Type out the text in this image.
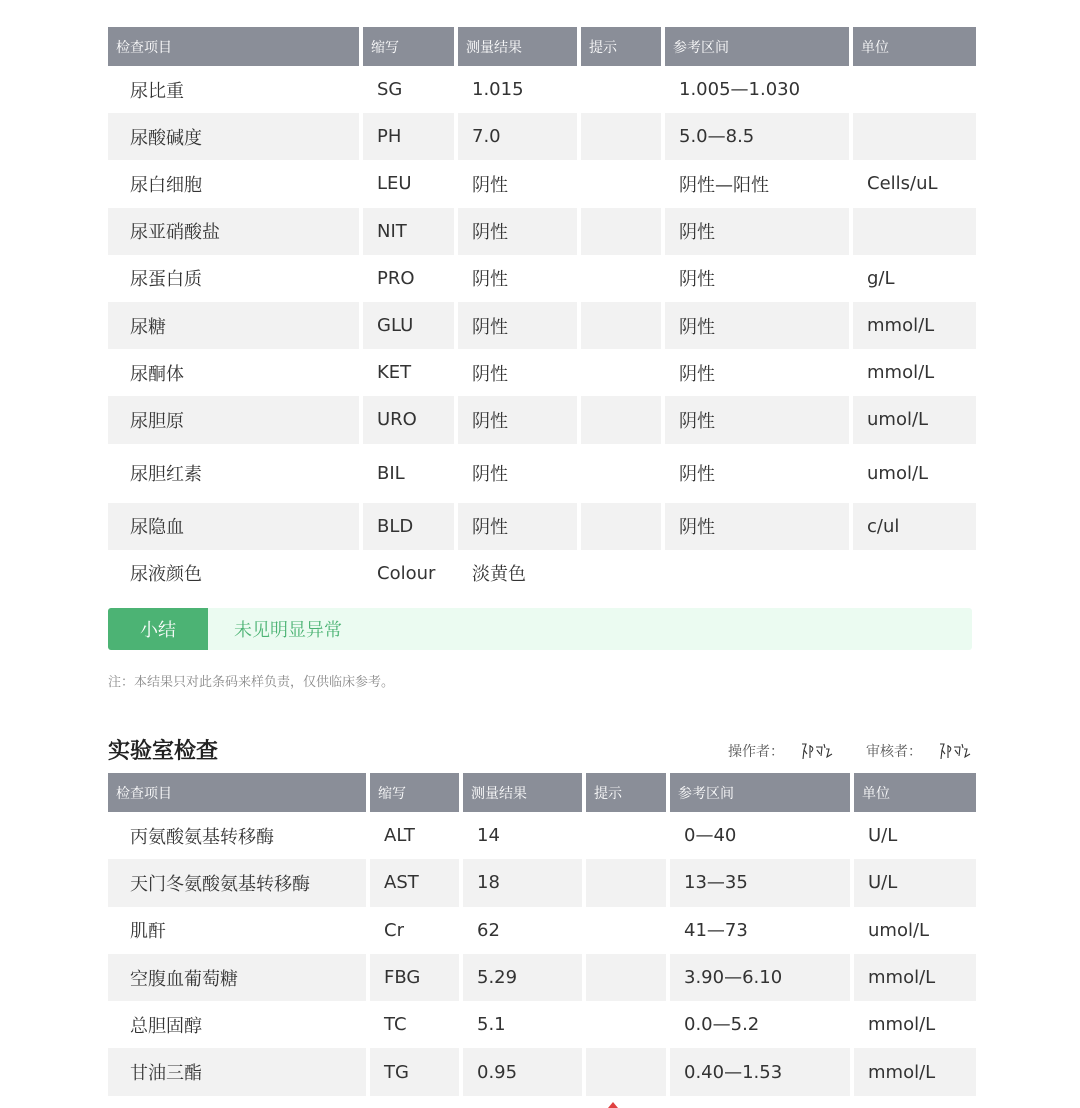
检查项目	缩写	测量结果	提示	参考区间	单位
尿比重	SG	1.015		1.005—1.030	
尿酸碱度	PH	7.0		5.0—8.5	
尿白细胞	LEU	阴性		阴性—阳性	Cells/uL
尿亚硝酸盐	NIT	阴性		阴性	
尿蛋白质	PRO	阴性		阴性	g/L
尿糖	GLU	阴性		阴性	mmol/L
尿酮体	KET	阴性		阴性	mmol/L
尿胆原	URO	阴性		阴性	umol/L
尿胆红素	BIL	阴性		阴性	umol/L
尿隐血	BLD	阴性		阴性	c/ul
尿液颜色	Colour	淡黄色			
小结	未见明显异常
注：本结果只对此条码来样负责，仅供临床参考。
实验室检查	操作者：	审核者：
检查项目	缩写	测量结果	提示	参考区间	单位
丙氨酸氨基转移酶	ALT	14		0—40	U/L
天门冬氨酸氨基转移酶	AST	18		13—35	U/L
肌酐	Cr	62		41—73	umol/L
空腹血葡萄糖	FBG	5.29		3.90—6.10	mmol/L
总胆固醇	TC	5.1		0.0—5.2	mmol/L
甘油三酯	TG	0.95		0.40—1.53	mmol/L
